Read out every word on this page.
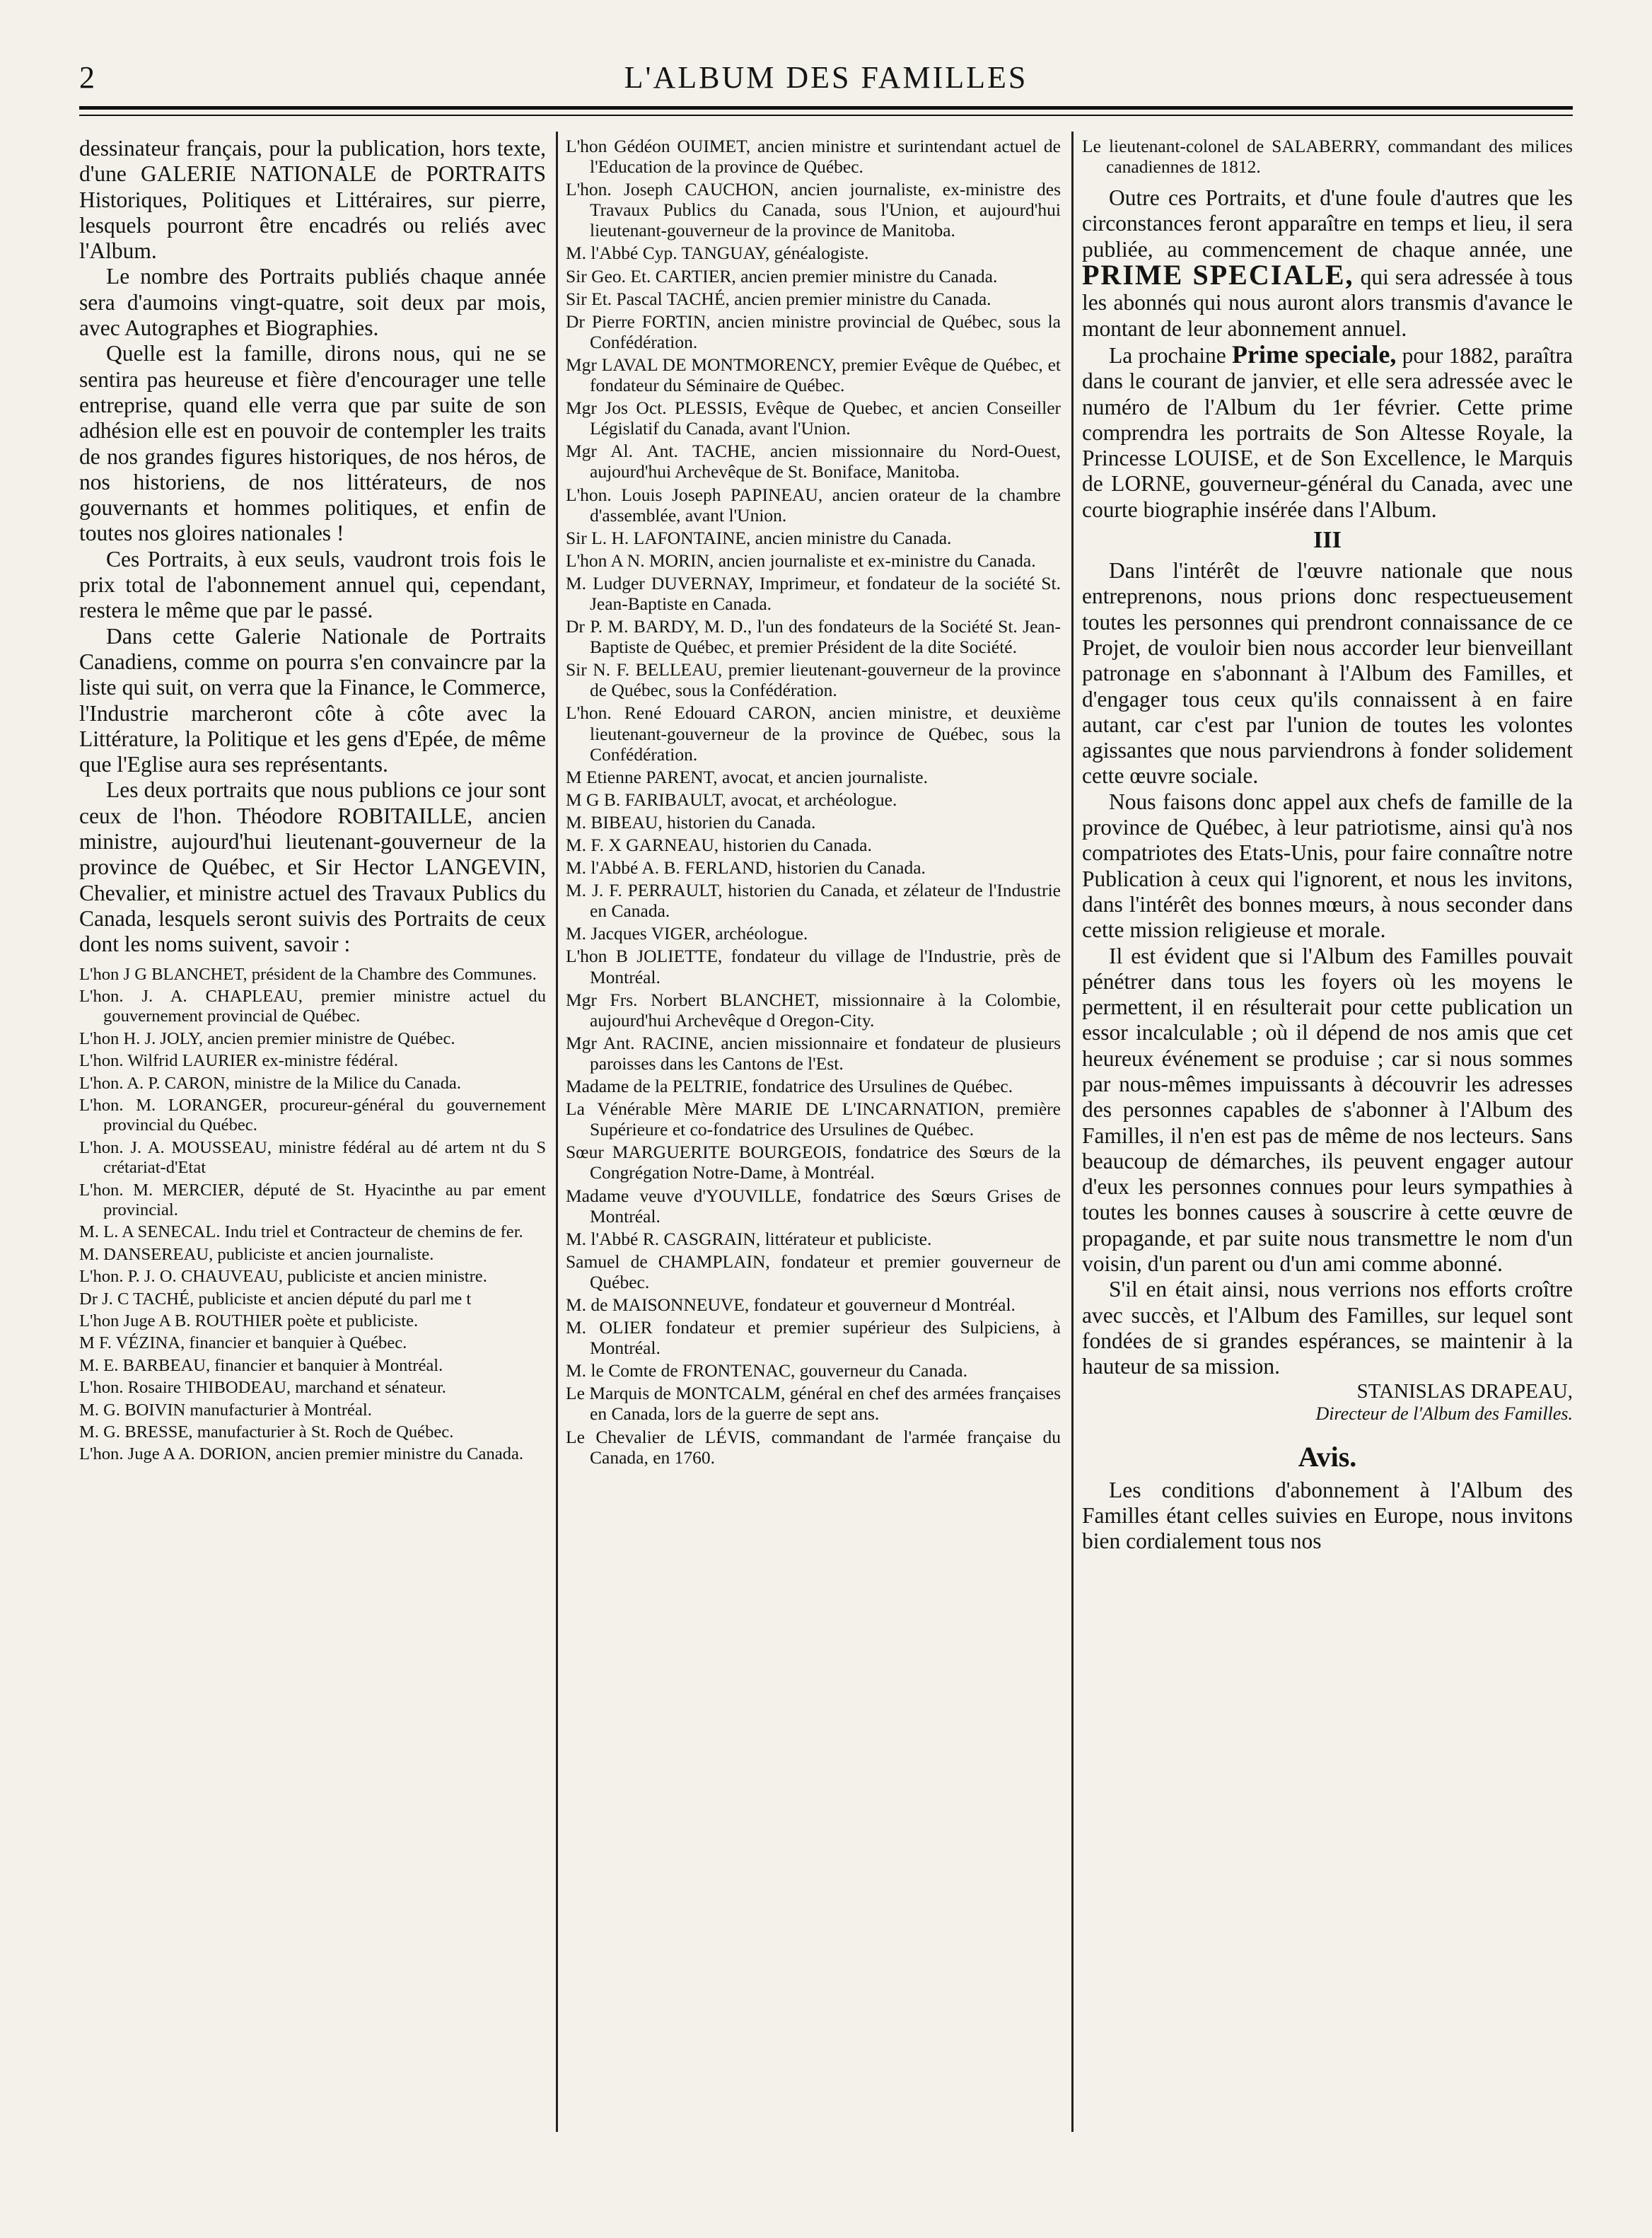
2	L'ALBUM DES FAMILLES

dessinateur français, pour la publication, hors texte, d'une GALERIE NATIONALE de PORTRAITS Historiques, Politiques et Littéraires, sur pierre, lesquels pourront être encadrés ou reliés avec l'Album.

Le nombre des Portraits publiés chaque année sera d'aumoins vingt-quatre, soit deux par mois, avec Autographes et Biographies.

Quelle est la famille, dirons nous, qui ne se sentira pas heureuse et fière d'encourager une telle entreprise, quand elle verra que par suite de son adhésion elle est en pouvoir de contempler les traits de nos grandes figures historiques, de nos héros, de nos historiens, de nos littérateurs, de nos gouvernants et hommes politiques, et enfin de toutes nos gloires nationales !

Ces Portraits, à eux seuls, vaudront trois fois le prix total de l'abonnement annuel qui, cependant, restera le même que par le passé.

Dans cette Galerie Nationale de Portraits Canadiens, comme on pourra s'en convaincre par la liste qui suit, on verra que la Finance, le Commerce, l'Industrie marcheront côte à côte avec la Littérature, la Politique et les gens d'Epée, de même que l'Eglise aura ses représentants.

Les deux portraits que nous publions ce jour sont ceux de l'hon. Théodore ROBITAILLE, ancien ministre, aujourd'hui lieutenant-gouverneur de la province de Québec, et Sir Hector LANGEVIN, Chevalier, et ministre actuel des Travaux Publics du Canada, lesquels seront suivis des Portraits de ceux dont les noms suivent, savoir :

L'hon J G BLANCHET, président de la Chambre des Communes.

L'hon. J. A. CHAPLEAU, premier ministre actuel du gouvernement provincial de Québec.

L'hon H. J. JOLY, ancien premier ministre de Québec.

L'hon. Wilfrid LAURIER ex-ministre fédéral.

L'hon. A. P. CARON, ministre de la Milice du Canada.

L'hon. M. LORANGER, procureur-général du gouvernement provincial du Québec.

L'hon. J. A. MOUSSEAU, ministre fédéral au dé artem nt du S crétariat-d'Etat

L'hon. M. MERCIER, député de St. Hyacinthe au par ement provincial.

M. L. A SENECAL. Indu triel et Contracteur de chemins de fer.

M. DANSEREAU, publiciste et ancien journaliste.

L'hon. P. J. O. CHAUVEAU, publiciste et ancien ministre.

Dr J. C TACHÉ, publiciste et ancien député du parl me t

L'hon Juge A B. ROUTHIER poète et publiciste.

M F. VÉZINA, financier et banquier à Québec.

M. E. BARBEAU, financier et banquier à Montréal.

L'hon. Rosaire THIBODEAU, marchand et sénateur.

M. G. BOIVIN manufacturier à Montréal.

M. G. BRESSE, manufacturier à St. Roch de Québec.

L'hon. Juge A A. DORION, ancien premier ministre du Canada.

L'hon Gédéon OUIMET, ancien ministre et surintendant actuel de l'Education de la province de Québec.

L'hon. Joseph CAUCHON, ancien journaliste, ex-ministre des Travaux Publics du Canada, sous l'Union, et aujourd'hui lieutenant-gouverneur de la province de Manitoba.

M. l'Abbé Cyp. TANGUAY, généalogiste.

Sir Geo. Et. CARTIER, ancien premier ministre du Canada.

Sir Et. Pascal TACHÉ, ancien premier ministre du Canada.

Dr Pierre FORTIN, ancien ministre provincial de Québec, sous la Confédération.

Mgr LAVAL DE MONTMORENCY, premier Evêque de Québec, et fondateur du Séminaire de Québec.

Mgr Jos Oct. PLESSIS, Evêque de Quebec, et ancien Conseiller Législatif du Canada, avant l'Union.

Mgr Al. Ant. TACHE, ancien missionnaire du Nord-Ouest, aujourd'hui Archevêque de St. Boniface, Manitoba.

L'hon. Louis Joseph PAPINEAU, ancien orateur de la chambre d'assemblée, avant l'Union.

Sir L. H. LAFONTAINE, ancien ministre du Canada.

L'hon A N. MORIN, ancien journaliste et ex-ministre du Canada.

M. Ludger DUVERNAY, Imprimeur, et fondateur de la société St. Jean-Baptiste en Canada.

Dr P. M. BARDY, M. D., l'un des fondateurs de la Société St. Jean-Baptiste de Québec, et premier Président de la dite Société.

Sir N. F. BELLEAU, premier lieutenant-gouverneur de la province de Québec, sous la Confédération.

L'hon. René Edouard CARON, ancien ministre, et deuxième lieutenant-gouverneur de la province de Québec, sous la Confédération.

M Etienne PARENT, avocat, et ancien journaliste.

M G B. FARIBAULT, avocat, et archéologue.

M. BIBEAU, historien du Canada.

M. F. X GARNEAU, historien du Canada.

M. l'Abbé A. B. FERLAND, historien du Canada.

M. J. F. PERRAULT, historien du Canada, et zélateur de l'Industrie en Canada.

M. Jacques VIGER, archéologue.

L'hon B JOLIETTE, fondateur du village de l'Industrie, près de Montréal.

Mgr Frs. Norbert BLANCHET, missionnaire à la Colombie, aujourd'hui Archevêque d Oregon-City.

Mgr Ant. RACINE, ancien missionnaire et fondateur de plusieurs paroisses dans les Cantons de l'Est.

Madame de la PELTRIE, fondatrice des Ursulines de Québec.

La Vénérable Mère MARIE DE L'INCARNATION, première Supérieure et co-fondatrice des Ursulines de Québec.

Sœur MARGUERITE BOURGEOIS, fondatrice des Sœurs de la Congrégation Notre-Dame, à Montréal.

Madame veuve d'YOUVILLE, fondatrice des Sœurs Grises de Montréal.

M. l'Abbé R. CASGRAIN, littérateur et publiciste.

Samuel de CHAMPLAIN, fondateur et premier gouverneur de Québec.

M. de MAISONNEUVE, fondateur et gouverneur d Montréal.

M. OLIER fondateur et premier supérieur des Sulpiciens, à Montréal.

M. le Comte de FRONTENAC, gouverneur du Canada.

Le Marquis de MONTCALM, général en chef des armées françaises en Canada, lors de la guerre de sept ans.

Le Chevalier de LÉVIS, commandant de l'armée française du Canada, en 1760.

Le lieutenant-colonel de SALABERRY, commandant des milices canadiennes de 1812.

Outre ces Portraits, et d'une foule d'autres que les circonstances feront apparaître en temps et lieu, il sera publiée, au commencement de chaque année, une PRIME SPECIALE, qui sera adressée à tous les abonnés qui nous auront alors transmis d'avance le montant de leur abonnement annuel.

La prochaine Prime speciale, pour 1882, paraîtra dans le courant de janvier, et elle sera adressée avec le numéro de l'Album du 1er février. Cette prime comprendra les portraits de Son Altesse Royale, la Princesse LOUISE, et de Son Excellence, le Marquis de LORNE, gouverneur-général du Canada, avec une courte biographie insérée dans l'Album.

III

Dans l'intérêt de l'œuvre nationale que nous entreprenons, nous prions donc respectueusement toutes les personnes qui prendront connaissance de ce Projet, de vouloir bien nous accorder leur bienveillant patronage en s'abonnant à l'Album des Familles, et d'engager tous ceux qu'ils connaissent à en faire autant, car c'est par l'union de toutes les volontes agissantes que nous parviendrons à fonder solidement cette œuvre sociale.

Nous faisons donc appel aux chefs de famille de la province de Québec, à leur patriotisme, ainsi qu'à nos compatriotes des Etats-Unis, pour faire connaître notre Publication à ceux qui l'ignorent, et nous les invitons, dans l'intérêt des bonnes mœurs, à nous seconder dans cette mission religieuse et morale.

Il est évident que si l'Album des Familles pouvait pénétrer dans tous les foyers où les moyens le permettent, il en résulterait pour cette publication un essor incalculable ; où il dépend de nos amis que cet heureux événement se produise ; car si nous sommes par nous-mêmes impuissants à découvrir les adresses des personnes capables de s'abonner à l'Album des Familles, il n'en est pas de même de nos lecteurs. Sans beaucoup de démarches, ils peuvent engager autour d'eux les personnes connues pour leurs sympathies à toutes les bonnes causes à souscrire à cette œuvre de propagande, et par suite nous transmettre le nom d'un voisin, d'un parent ou d'un ami comme abonné.

S'il en était ainsi, nous verrions nos efforts croître avec succès, et l'Album des Familles, sur lequel sont fondées de si grandes espérances, se maintenir à la hauteur de sa mission.

STANISLAS DRAPEAU,

Directeur de l'Album des Familles.

Avis.

Les conditions d'abonnement à l'Album des Familles étant celles suivies en Europe, nous invitons bien cordialement tous nos
